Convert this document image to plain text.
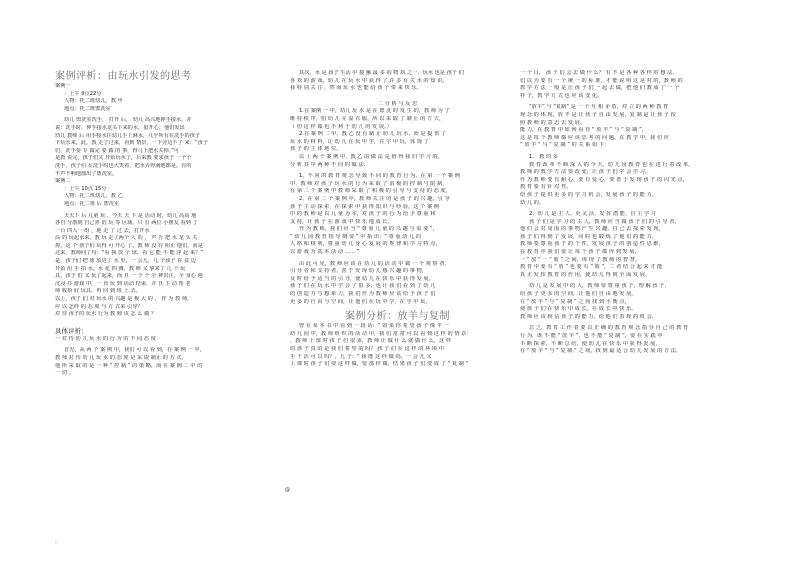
案例评析：由玩水引发的思考
案例一
：上午 9点22分
人物：托二班幼儿，教 甲
地点：托二班盥洗室
幼儿 盥洗室洗手， 打开 后， 幼儿 高兴地伸手接水，并
说：洗手时，伸手接水龙头下来的水，很开心，他们发出
幼儿 教师 后 用手接水往幼儿手上淋水，几乎所有在洗手的孩子
下玩水来，此，教 走了过来，看到 情景，一下旁边下了 来：“孩子
们，洗手要 专 做完 要 做 的 事，得马上把水关掉。”可
是教 说完，孩子们又 开始玩水了，后来教 要求孩子 一个个
洗手，孩子们 在洗手时也大笑着，把水弄得满地都是，有的
不声不响地溜出了盥洗室。
案例二
：上午 10点 15分
人物：托二班幼儿，教 乙
地点：托二班 后 盥洗室
天天下 后 儿童 玩 ，今天 天 下 是 活动 时，幼儿 高高 地
各自 分散到 自己喜 的 玩 等 区域，只 有 两位 小朋友 看到 了
一台 四人一 组 ，地 走 了 过 去，打开水
高 的 玩起水来。教 玩 走了两个 人 的 ， 声 告 把 水 龙 头 关
掉，这 个 孩子们 玩得 可 开心 了。教 师 没 有 阻止 他们，而是
过来，教师问了句：“看 我 放 个 球，看 它 能 不 能 浮 起 来？”
是，孩子们 把 球 放进了 水 里，一 会儿，几 个孩子 在 盆 边
开始 用 手 拍 水，水 花 四 溅，教 师 又 拿来了 几 个 玩
具，孩子 们 又 玩了起来，而 且 一 个 个 全 神贯注，全 身心 地
沉浸 在 游戏 中，一 直 玩 到 活动 结束，并 且 主 动 帮 老
师 收拾 好 玩具，再 回 到 班 上 去。
以上，孩子 们 对 玩水 的 兴趣 是 极 大 的 ， 作 为 教 师，
应 以 怎样 的 态 度 与 方 式来 引导？
对 待 孩子的 玩水 行为 教 师 该 怎 么 做 ？
具体评析：
一 对 待 幼 儿 玩 水 的 行 为 的 不 同 态 度
首先，从 两 个 案 例 中，我们 可 以 看 到，在 案 例 一 中，
教 师 对 待 幼 儿 玩 水 的 态 度 是 采 取 制止 的 方 式，
他 所 采 取 的 是 一 种 “ 控 制 ” 的 策 略，而 在 案 例 二 中 的
一 切 。
其次，水 是 孩子 生活 中 接 触 最 多 的 物 质 之一，玩水 也是 孩子 们
喜 欢 的 游 戏，幼 儿 在 玩 水 中 获 得 了 许 多 有 关 水 的 知 识。
我 特 别 关 注 ，然 而 玩 水 也 能 给 孩 子 带 来 快 乐。
二 分 析 与 反 思
1.在 案例 一 中，幼儿 玩 水 是 在 盥 洗 时 发 生 的，教 师 为 了
维 持 秩 序，怕 幼 儿 弄 湿 衣 服，所 以 采 取 了 制 止 的 方 式，
（ 但 这 样 做 也 不 利 于 幼 儿 的 发 展。）
2.在 案 例 二 中，教 乙 没 有 制 止 幼 儿 玩 水，而 是 提 供 了
玩 水 的 材 料，让 幼 儿 在 玩 中 学，在 学 中 玩，体 现 了
孩 子 的 主 体 地 位。
以 上 两 个 案 例 中，教 乙 的 做 法 是 值 得 我 们 学 习 的，
分 析 其 中 两 种 不 同 的 做 法：
1、不 同 的 教 育 观 念 导 致 不 同 的 教 育 行 为，在 第 一 个 案 例
中，教 师 对 孩 子 玩 水 的 行 为 采 取 了 消 极 的 控 制 与 限 制，
在 第 二 个 案 例 中 教 师 采 取 了 积 极 的 引 导 与 支 持 的 态 度，
2、在 第 二 个 案 例 中，教 师 关 注 的 是 孩 子 的 兴 趣，引 导
孩 子 主 动 探 索，在 探 索 中 获 得 知 识 与 经 验。这 个 案 例
中 的 教 师 是 以 儿 童 为 本，对 孩 子 的 行 为 给 予 尊 重 和
支 持，让 孩 子 在 游 戏 中 快 乐 地 成 长。
作 为 教 师，我 们 应 当 “ 尊 重 儿 童 的 兴 趣 与 需 要 ”，
“ 幼 儿 园 教 育 指 导 纲 要 ” 中 指 出：“ 尊 重 幼 儿 的
人 格 和 权 利，尊 重 幼 儿 身 心 发 展 的 规 律 和 学 习 特 点，
以 游 戏 为 基 本 活 动 …… ”
由 此 可 见，教 师 应 该 在 幼 儿 的 活 动 中 做 一 个 观 察 者、
引 导 者 和 支 持 者，善 于 发 现 幼 儿 感 兴 趣 的 事 物，
及 时 给 予 适 当 的 引 导，使 幼 儿 在 快 乐 中 获 得 发 展。
孩 子 们 在 玩 水 中 学 会 了 很 多，也 让 我 们 看 到 了 幼 儿
的 创 造 力 与 想 象 力，我 们 作 为 教 师 应 该 给 予 孩 子 们
更 多 的 自 由 与 空 间，让 他 们 在 玩 中 学，在 学 中 玩。
案例分析：放羊与复制
曾 在 某 本 书 中 看 到 一 段 话：“ 如 果 你 希 望 孩 子 像 羊 一
幼 儿 园 中，教 师 组 织 的 活 动 中，我 们 常 常 可 以 看 到 这 样 的 情 景：
，教 师 上 课 时 孩 子 们 很 乖，教 师 让 做 什 么 就 做 什 么，这 样
的 孩 子 真 的 是 我 们 希 望 的 吗？ 孩 子 们 在 这 样 的 环 境 中
手 干 活 可 以 吗？，儿 子：“ 我 能 这 样 做 吗，一 会 儿 又
上 课 时 孩 子 们 要 这 样 做，要 那 样 做，结 果 孩 子 们 变 成 了 “ 复 制 ”
一 个 目， 孩 子 们 会 去 做 什 么？ 有 不 是 各 种 各 样 的 想 法，
们 以 为 要 有 一 个 统 一 的 标 准，才 能 说 明 这 是 对 的，教 师 的
教 学 方 法 一 般 是 让 孩 子 们 一 起 去 做，把 他 们 教 成 了 一 个
样 子，教 学 方 式 也 应 该 变 化。
“放羊” 与 “复制” 是 一 个 互 相 矛 盾，对 立 的 两 种 教 育
观 念 的 体 现，放 羊 是 让 孩 子 自 由 发 展，复 制 是 让 孩 子 按
照 教 师 的 意 志 去 发 展。
能 力，在 教 育 中 如 何 看 待 “ 放 羊 ” 与 “ 复 制 ”，
这 是 每 个 教 师 都 应 该 思 考 的 问 题。在 教 学 中，我 们 应
“ 放 羊 ” 与 “ 复 制 ” 的 关 系 如 下：
1、 教 的 多
教 育 改 革 不 断 深 入 的 今 天，幼 儿 园 教 育 也 在 进 行 着 改 革，
教 师 的 教 学 方 法 要 改 变，让 孩 子 们 学 会 学 习，
作 为 教 师 要 有 耐 心，要 有 爱 心，要 善 于 发 现 孩 子 的 闪 光 点，
教 育 要 有 针 对 性。
给 孩 子 提 供 更 多 的 学 习 机 会，发 展 孩 子 的 能 力，
幼 儿 的。
2、幼 儿 是 主 人、更 灵 活、发 挥 潜 能、自 主 学 习
孩 子 们 是 学 习 的 主 人，教 师 应 当 做 孩 子 们 的 引 导 者，
他 们 会 对 周 围 的 事 物 产 生 兴 趣，自 己 去 探 索 发 现，
孩 子 们 得 到 了 发 展，同 时 也 锻 炼 了 他 们 的 能 力，
教 师 要 尊 重 孩 子 的 个 性，发 展 孩 子 的 创 造 性 思 维，
在 教 育 中 我 们 要 让 每 个 孩 子 都 得 到 发 展，
一 “ 放 ” 一 “ 收 ” 之 间，体 现 了 教 师 的 智 慧。
教 育 中 要 有 “ 放 ” 也 要 有 “ 收 ”，二 者 结 合 起 来 才 能
真 正 发 挥 教 育 的 作 用，使 幼 儿 得 到 全 面 发 展。
幼 儿 是 发 展 中 的 人，教 师 要 尊 重 孩 子，理 解 孩 子，
给 孩 子 更 多 的 空 间，让 他 们 自 由 地 发 展，
在 “ 放 羊 ” 与 “ 复 制 ” 之 间 找 到 平 衡 点，
使 孩 子 们 在 快 乐 中 成 长，在 成 长 中 快 乐。
教 师 应 该 相 信 孩 子 的 能 力，给 他 们 表 现 的 机 会。
总 之，教 育 工 作 者 要 以 正 确 的 教 育 观 念 指 导 自 己 的 教 育
行 为，既 不 能 “ 放 羊 ”，也 不 能 “ 复 制 ”，要 在 实 践 中
不 断 探 索，不 断 总 结，使 幼 儿 在 快 乐 中 获 得 发 展，
在 “ 放 羊 ” 与 “ 复 制 ” 之 间，找 到 最 适 合 幼 儿 发 展 的 方 法。
-
@
